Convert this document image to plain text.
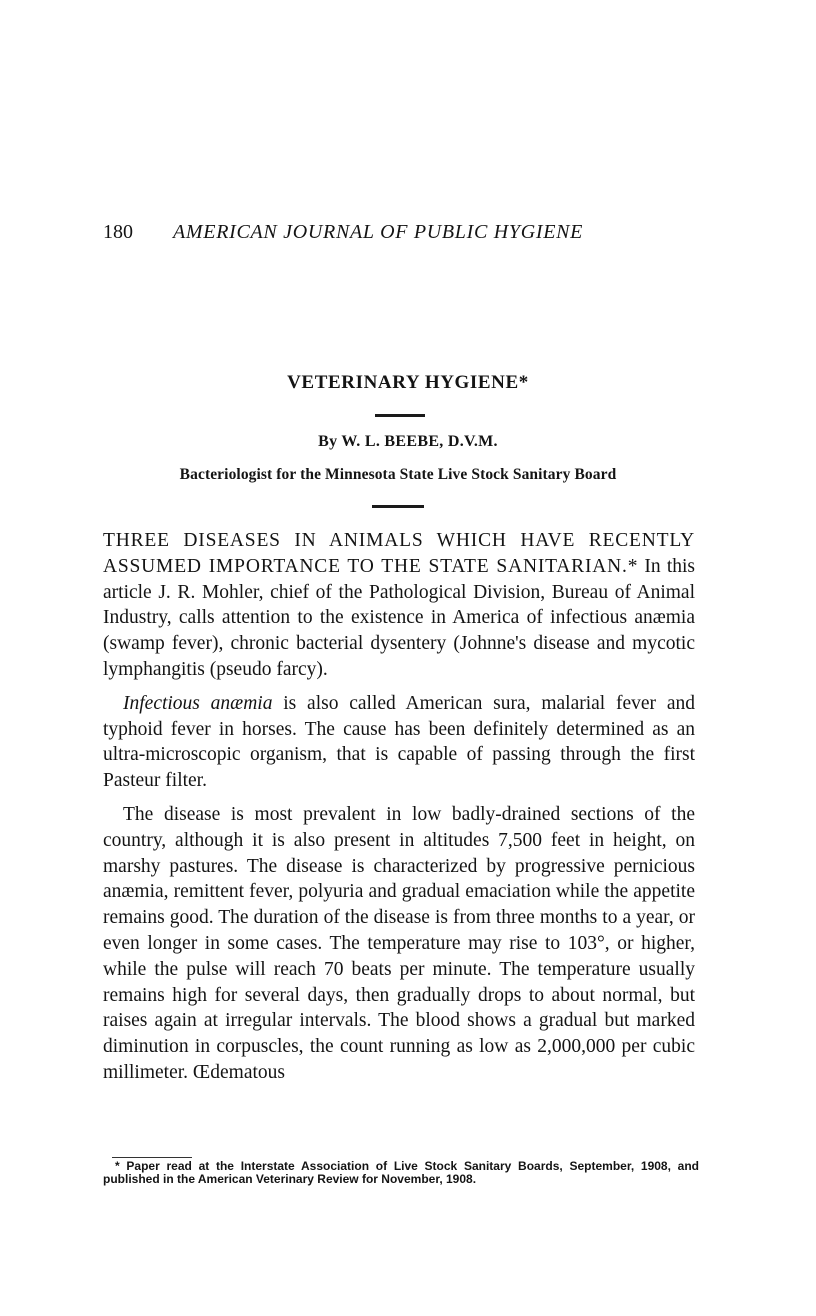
180 AMERICAN JOURNAL OF PUBLIC HYGIENE
VETERINARY HYGIENE*
By W. L. BEEBE, D.V.M.
Bacteriologist for the Minnesota State Live Stock Sanitary Board

THREE DISEASES IN ANIMALS WHICH HAVE RECENTLY ASSUMED IMPORTANCE TO THE STATE SANITARIAN.* In this article J. R. Mohler, chief of the Pathological Division, Bureau of Animal Industry, calls attention to the existence in America of infectious anæmia (swamp fever), chronic bacterial dysentery (Johnne's disease and mycotic lymphangitis (pseudo farcy).

Infectious anæmia is also called American sura, malarial fever and typhoid fever in horses. The cause has been definitely determined as an ultra-microscopic organism, that is capable of passing through the first Pasteur filter.

The disease is most prevalent in low badly-drained sections of the country, although it is also present in altitudes 7,500 feet in height, on marshy pastures. The disease is characterized by progressive pernicious anæmia, remittent fever, polyuria and gradual emaciation while the appetite remains good. The duration of the disease is from three months to a year, or even longer in some cases. The temperature may rise to 103°, or higher, while the pulse will reach 70 beats per minute. The temperature usually remains high for several days, then gradually drops to about normal, but raises again at irregular intervals. The blood shows a gradual but marked diminution in corpuscles, the count running as low as 2,000,000 per cubic millimeter. Œdematous

* Paper read at the Interstate Association of Live Stock Sanitary Boards, September, 1908, and published in the American Veterinary Review for November, 1908.
